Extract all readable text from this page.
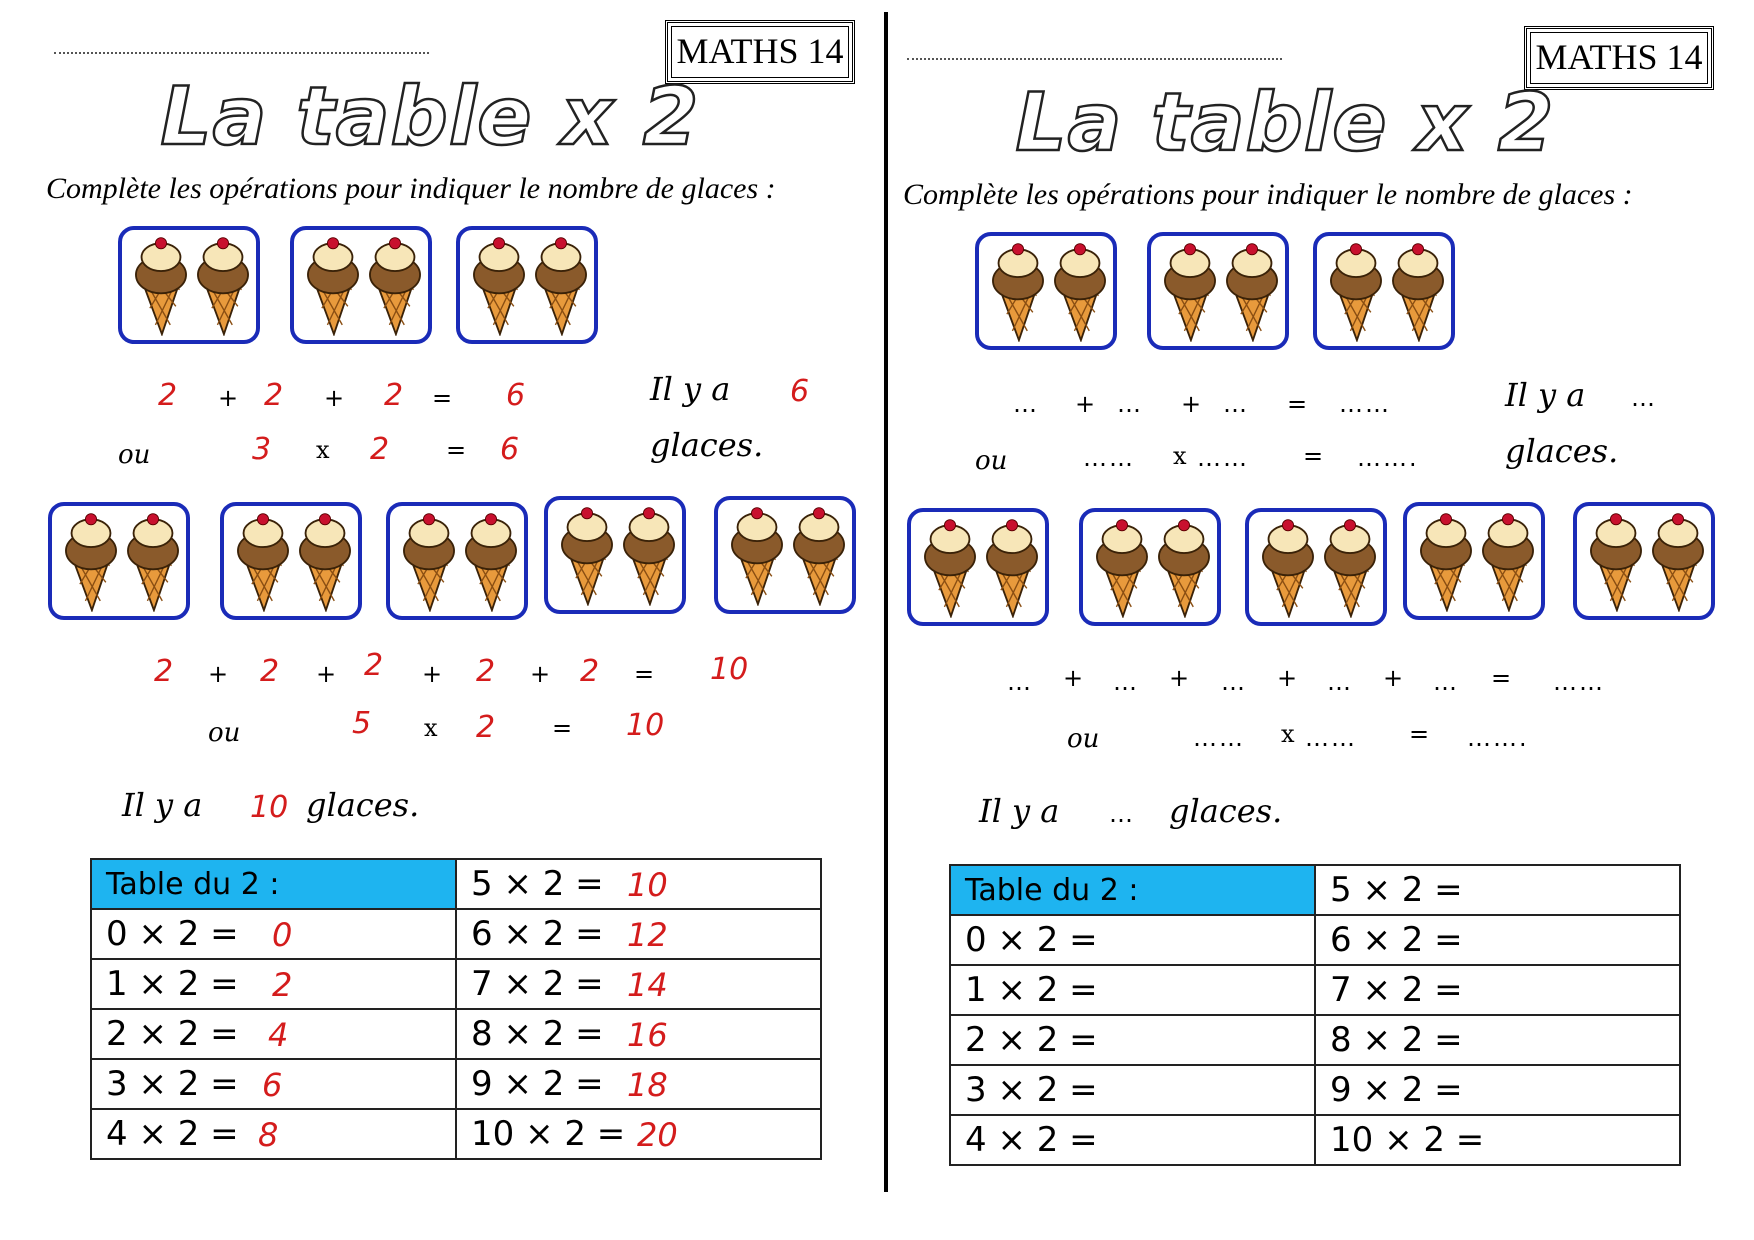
MATHS 14
La table x 2
Complète les opérations pour indiquer le nombre de glaces :
2 + 2 + 2 = 6	Il y a 6
ou	3 x 2 = 6	glaces.
2 + 2 + 2 + 2 + 2 = 10
ou	5 x 2 = 10
Il y a 10 glaces.
Table du 2 :	5 × 2 = 10

0 × 2 = 0	6 × 2 = 12

1 × 2 = 2	7 × 2 = 14

2 × 2 = 4	8 × 2 = 16

3 × 2 = 6	9 × 2 = 18

4 × 2 = 8	10 × 2 = 20
MATHS 14
La table x 2
Complète les opérations pour indiquer le nombre de glaces :
… + … + … = ……	Il y a …
ou	…… x …… = …….	glaces.
… + … + … + … + … = ……
ou	…… x …… = …….
Il y a … glaces.
Table du 2 :	5 × 2 =
0 × 2 =	6 × 2 =
1 × 2 =	7 × 2 =
2 × 2 =	8 × 2 =
3 × 2 =	9 × 2 =
4 × 2 =	10 × 2 =
